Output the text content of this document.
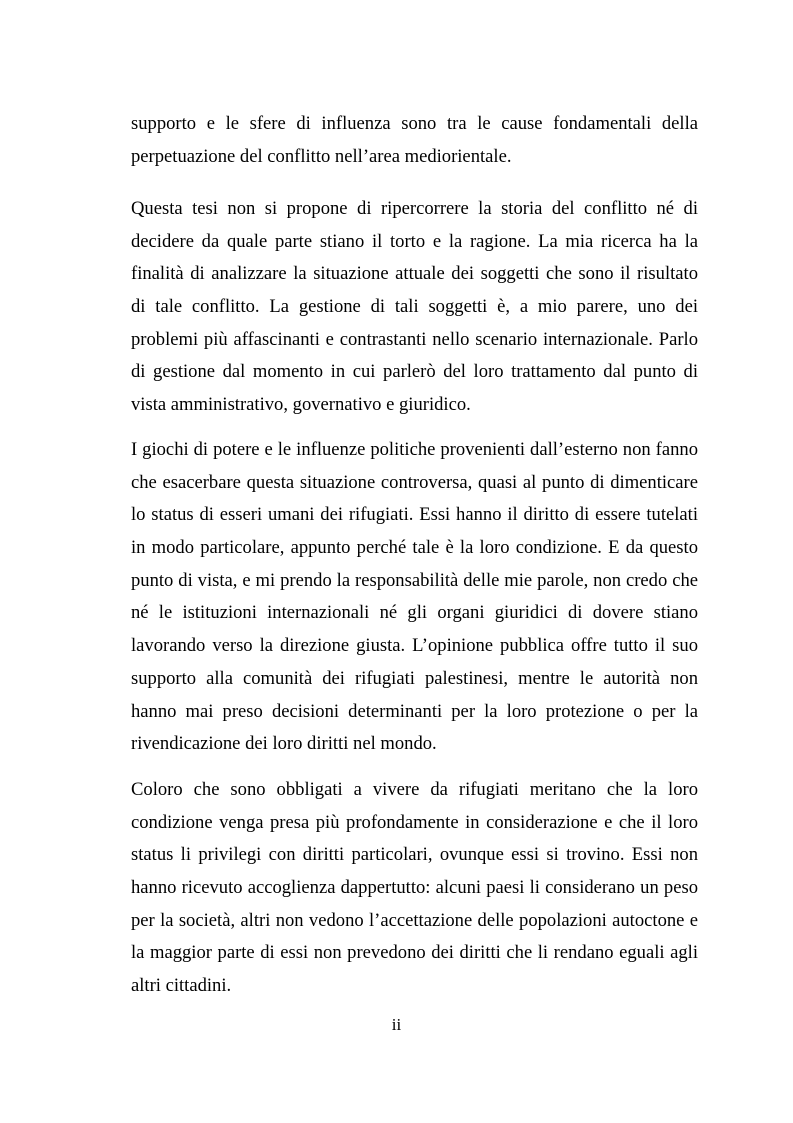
supporto e le sfere di influenza sono tra le cause fondamentali della
perpetuazione del conflitto nell’area mediorientale.

Questa tesi non si propone di ripercorrere la storia del conflitto né di
decidere da quale parte stiano il torto e la ragione. La mia ricerca ha la
finalità di analizzare la situazione attuale dei soggetti che sono il risultato
di tale conflitto. La gestione di tali soggetti è, a mio parere, uno dei
problemi più affascinanti e contrastanti nello scenario internazionale. Parlo
di gestione dal momento in cui parlerò del loro trattamento dal punto di
vista amministrativo, governativo e giuridico.

I giochi di potere e le influenze politiche provenienti dall’esterno non fanno
che esacerbare questa situazione controversa, quasi al punto di dimenticare
lo status di esseri umani dei rifugiati. Essi hanno il diritto di essere tutelati
in modo particolare, appunto perché tale è la loro condizione. E da questo
punto di vista, e mi prendo la responsabilità delle mie parole, non credo che
né le istituzioni internazionali né gli organi giuridici di dovere stiano
lavorando verso la direzione giusta. L’opinione pubblica offre tutto il suo
supporto alla comunità dei rifugiati palestinesi, mentre le autorità non
hanno mai preso decisioni determinanti per la loro protezione o per la
rivendicazione dei loro diritti nel mondo.

Coloro che sono obbligati a vivere da rifugiati meritano che la loro
condizione venga presa più profondamente in considerazione e che il loro
status li privilegi con diritti particolari, ovunque essi si trovino. Essi non
hanno ricevuto accoglienza dappertutto: alcuni paesi li considerano un peso
per la società, altri non vedono l’accettazione delle popolazioni autoctone e
la maggior parte di essi non prevedono dei diritti che li rendano eguali agli
altri cittadini.

ii
